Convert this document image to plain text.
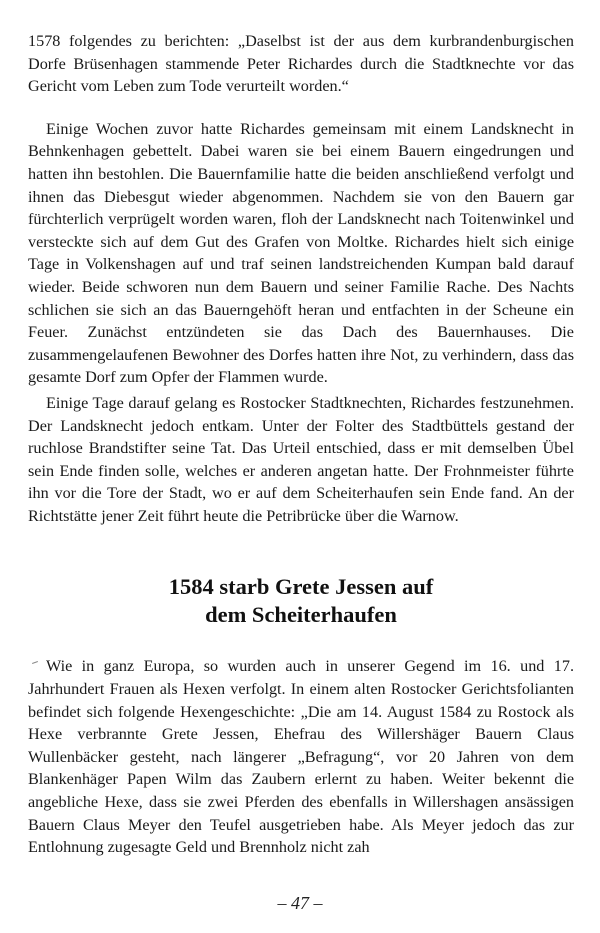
1578 folgendes zu berichten: „Daselbst ist der aus dem kurbrandenburgischen Dorfe Brüsenhagen stammende Peter Richardes durch die Stadtknechte vor das Gericht vom Leben zum Tode verurteilt worden.“

Einige Wochen zuvor hatte Richardes gemeinsam mit einem Landsknecht in Behnkenhagen gebettelt. Dabei waren sie bei einem Bauern eingedrungen und hatten ihn bestohlen. Die Bauernfamilie hatte die beiden anschließend verfolgt und ihnen das Diebesgut wieder abgenommen. Nachdem sie von den Bauern gar fürchterlich verprügelt worden waren, floh der Landsknecht nach Toitenwinkel und versteckte sich auf dem Gut des Grafen von Moltke. Richardes hielt sich einige Tage in Volkenshagen auf und traf seinen landstreichenden Kumpan bald darauf wieder. Beide schworen nun dem Bauern und seiner Familie Rache. Des Nachts schlichen sie sich an das Bauerngehöft heran und entfachten in der Scheune ein Feuer. Zunächst entzündeten sie das Dach des Bauernhauses. Die zusammengelaufenen Bewohner des Dorfes hatten ihre Not, zu verhindern, dass das gesamte Dorf zum Opfer der Flammen wurde.

Einige Tage darauf gelang es Rostocker Stadtknechten, Richardes festzunehmen. Der Landsknecht jedoch entkam. Unter der Folter des Stadtbüttels gestand der ruchlose Brandstifter seine Tat. Das Urteil entschied, dass er mit demselben Übel sein Ende finden solle, welches er anderen angetan hatte. Der Frohnmeister führte ihn vor die Tore der Stadt, wo er auf dem Scheiterhaufen sein Ende fand. An der Richtstätte jener Zeit führt heute die Petribrücke über die Warnow.

1584 starb Grete Jessen auf
dem Scheiterhaufen

Wie in ganz Europa, so wurden auch in unserer Gegend im 16. und 17. Jahrhundert Frauen als Hexen verfolgt. In einem alten Rostocker Gerichtsfolianten befindet sich folgende Hexengeschichte: „Die am 14. August 1584 zu Rostock als Hexe verbrannte Grete Jessen, Ehefrau des Willershäger Bauern Claus Wullenbäcker gesteht, nach längerer „Befragung“, vor 20 Jahren von dem Blankenhäger Papen Wilm das Zaubern erlernt zu haben. Weiter bekennt die angebliche Hexe, dass sie zwei Pferden des ebenfalls in Willershagen ansässigen Bauern Claus Meyer den Teufel ausgetrieben habe. Als Meyer jedoch das zur Entlohnung zugesagte Geld und Brennholz nicht zah

– 47 –
